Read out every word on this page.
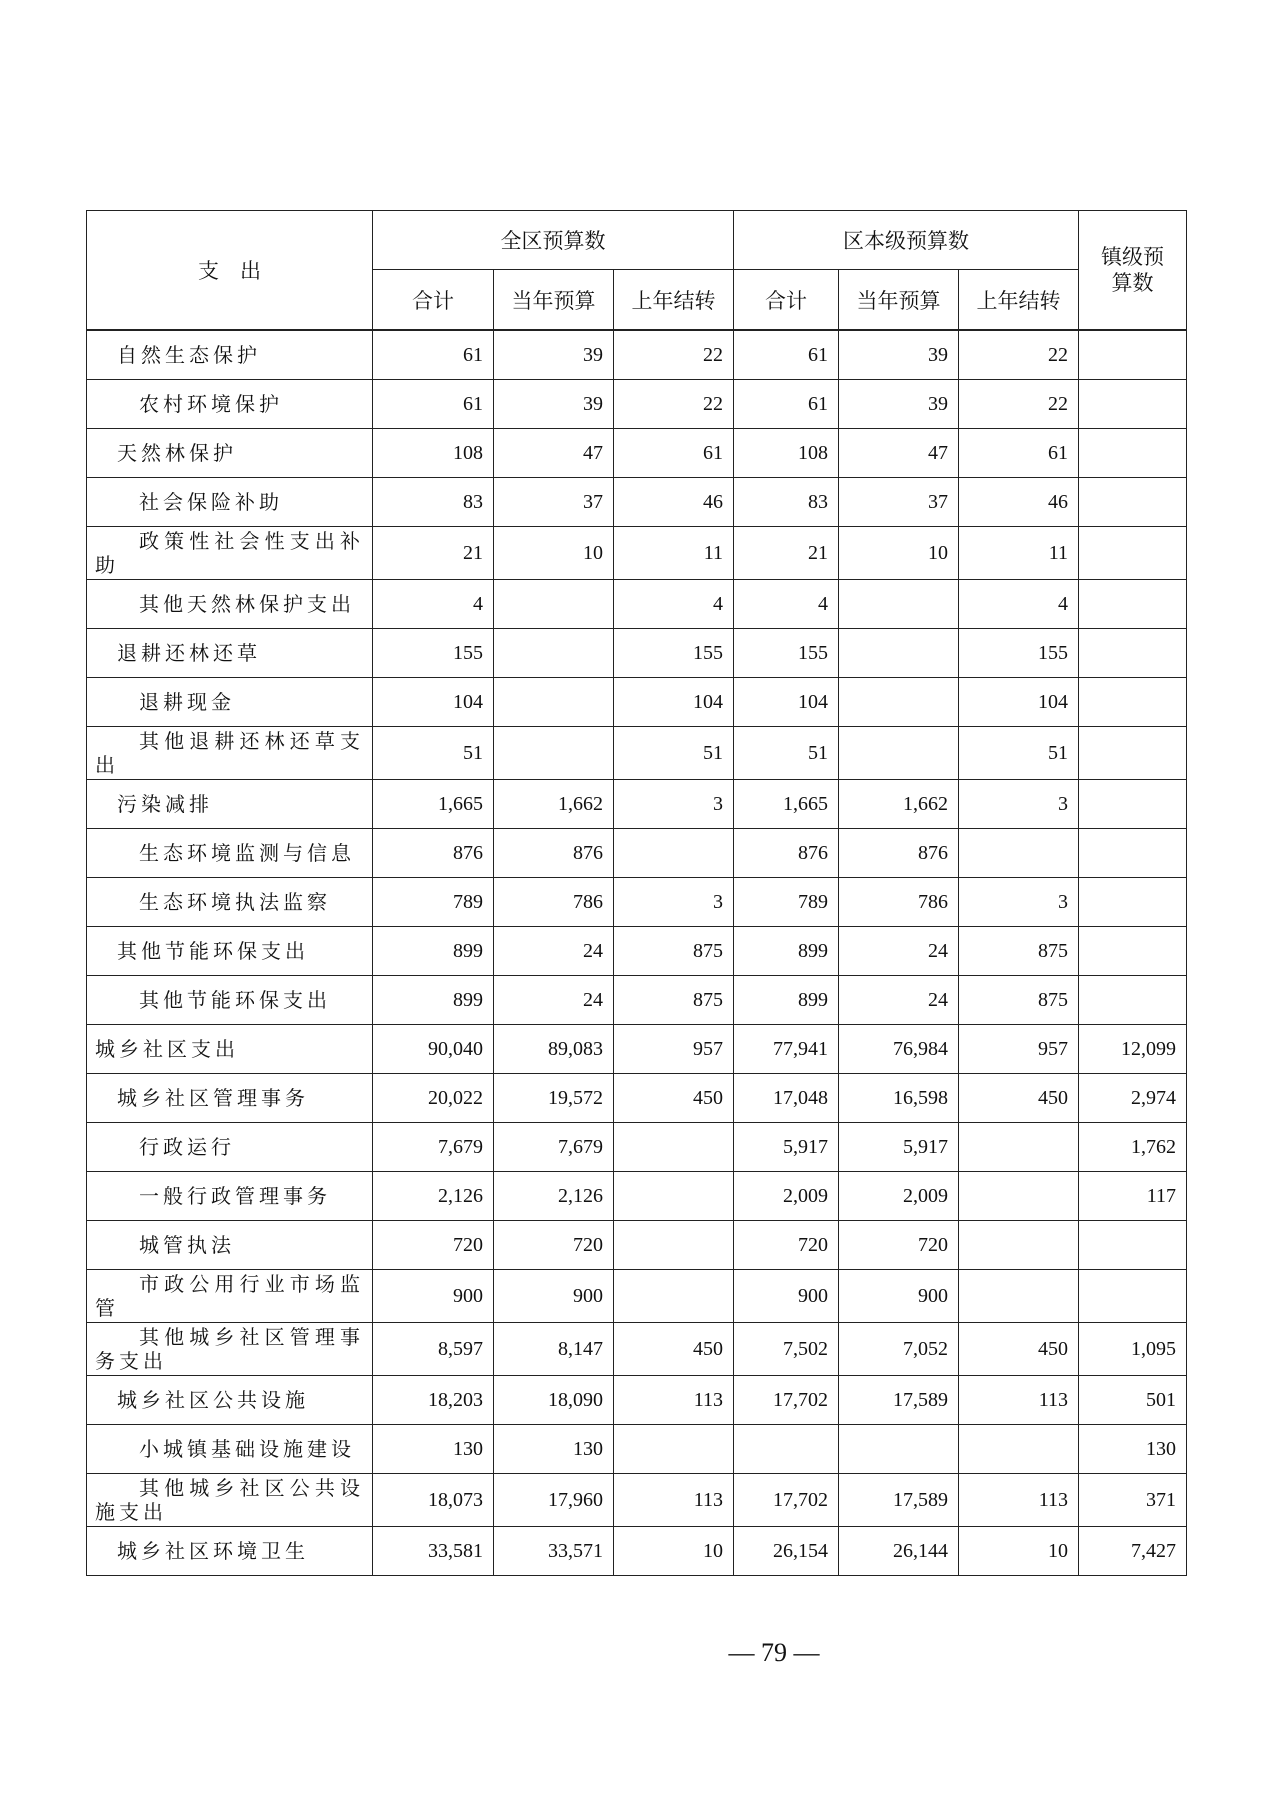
支　出	全区预算数			区本级预算数			镇级预
算数
	合计	当年预算	上年结转	合计	当年预算	上年结转	
自然生态保护	61	39	22	61	39	22	
农村环境保护	61	39	22	61	39	22	
天然林保护	108	47	61	108	47	61	
社会保险补助	83	37	46	83	37	46	
政策性社会性支出补助	21	10	11	21	10	11	
其他天然林保护支出	4		4	4		4	
退耕还林还草	155		155	155		155	
退耕现金	104		104	104		104	
其他退耕还林还草支出	51		51	51		51	
污染减排	1,665	1,662	3	1,665	1,662	3	
生态环境监测与信息	876	876		876	876		
生态环境执法监察	789	786	3	789	786	3	
其他节能环保支出	899	24	875	899	24	875	
其他节能环保支出	899	24	875	899	24	875	
城乡社区支出	90,040	89,083	957	77,941	76,984	957	12,099
城乡社区管理事务	20,022	19,572	450	17,048	16,598	450	2,974
行政运行	7,679	7,679		5,917	5,917		1,762
一般行政管理事务	2,126	2,126		2,009	2,009		117
城管执法	720	720		720	720		
市政公用行业市场监管	900	900		900	900		
其他城乡社区管理事务支出	8,597	8,147	450	7,502	7,052	450	1,095
城乡社区公共设施	18,203	18,090	113	17,702	17,589	113	501
小城镇基础设施建设	130	130					130
其他城乡社区公共设施支出	18,073	17,960	113	17,702	17,589	113	371
城乡社区环境卫生	33,581	33,571	10	26,154	26,144	10	7,427
— 79 —
